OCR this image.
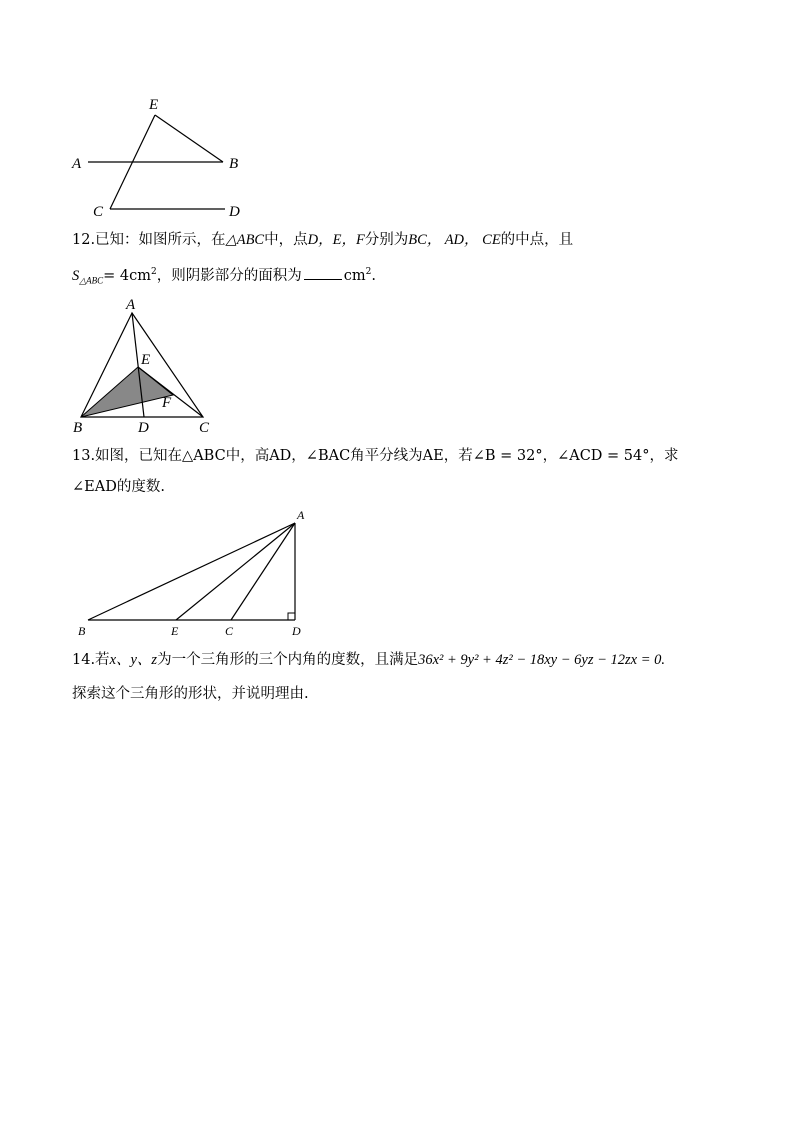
E
A	B
C	D
12.已知：如图所示，在△ABC中，点D，E，F分别为BC， AD， CE的中点，且
$S_{\triangle ABC}= 4cm^2$，则阴影部分的面积为	$cm^2$.
A
E
F
B	D	C
13.如图，已知在△ABC中，高AD，∠BAC角平分线为AE，若∠B = 32°，∠ACD = 54°，求
∠EAD的度数.
A
B	E	C	D
14.若x、y、z为一个三角形的三个内角的度数，且满足36x² + 9y² + 4z² − 18xy − 6yz − 12zx = 0.
探索这个三角形的形状，并说明理由.
